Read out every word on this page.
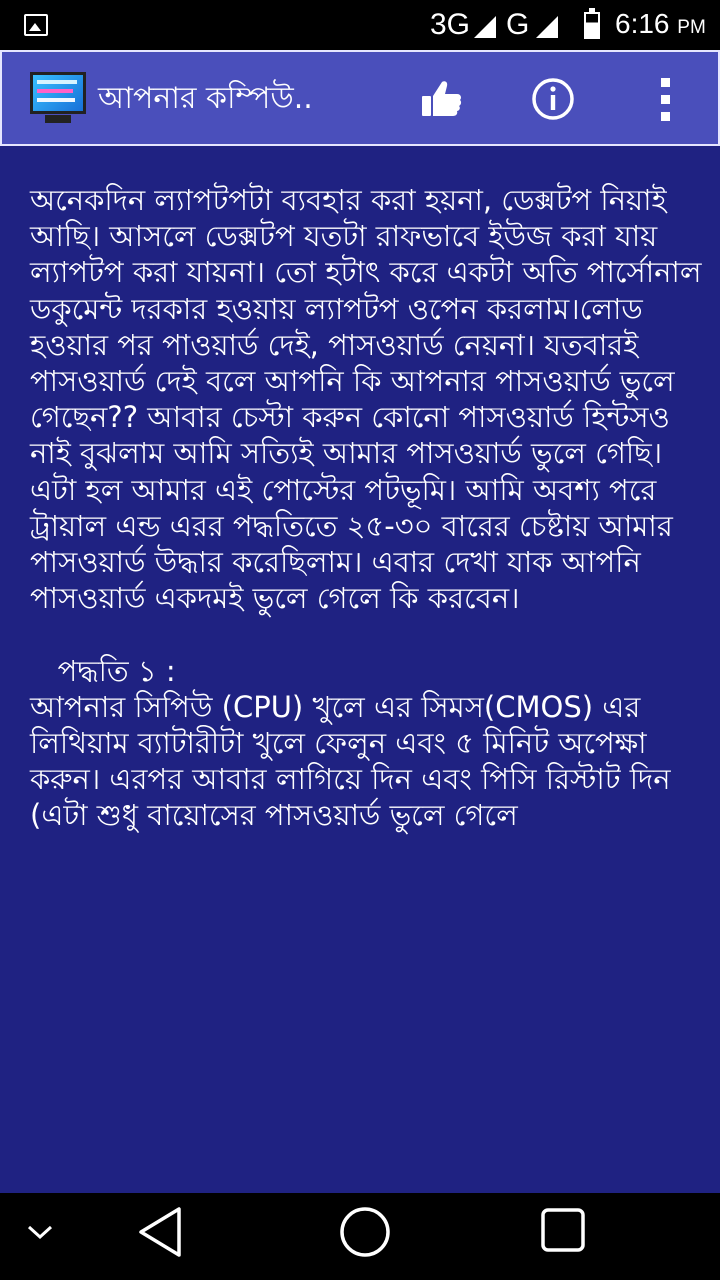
3G G	6:16 PM
আপনার কম্পিউ..
অনেকদিন ল্যাপটপটা ব্যবহার করা হয়না, ডেক্সটপ নিয়াই আছি। আসলে ডেক্সটপ যতটা রাফভাবে ইউজ করা যায় ল্যাপটপ করা যায়না। তো হটাৎ করে একটা অতি পার্সোনাল ডকুমেন্ট দরকার হওয়ায় ল্যাপটপ ওপেন করলাম।লোড হওয়ার পর পাওয়ার্ড দেই, পাসওয়ার্ড নেয়না। যতবারই পাসওয়ার্ড দেই বলে আপনি কি আপনার পাসওয়ার্ড ভুলে গেছেন?? আবার চেস্টা করুন কোনো পাসওয়ার্ড হিন্টসও নাই বুঝলাম আমি সত্যিই আমার পাসওয়ার্ড ভুলে গেছি।এটা হল আমার এই পোস্টের পটভূমি। আমি অবশ্য পরে ট্রায়াল এন্ড এরর পদ্ধতিতে ২৫-৩০ বারের চেষ্টায় আমার পাসওয়ার্ড উদ্ধার করেছিলাম। এবার দেখা যাক আপনি পাসওয়ার্ড একদমই ভুলে গেলে কি করবেন।

পদ্ধতি ১ :
আপনার সিপিউ (CPU) খুলে এর সিমস(CMOS) এর লিথিয়াম ব্যাটারীটা খুলে ফেলুন এবং ৫ মিনিট অপেক্ষা করুন। এরপর আবার লাগিয়ে দিন এবং পিসি রিস্টাট দিন (এটা শুধু বায়োসের পাসওয়ার্ড ভুলে গেলে
